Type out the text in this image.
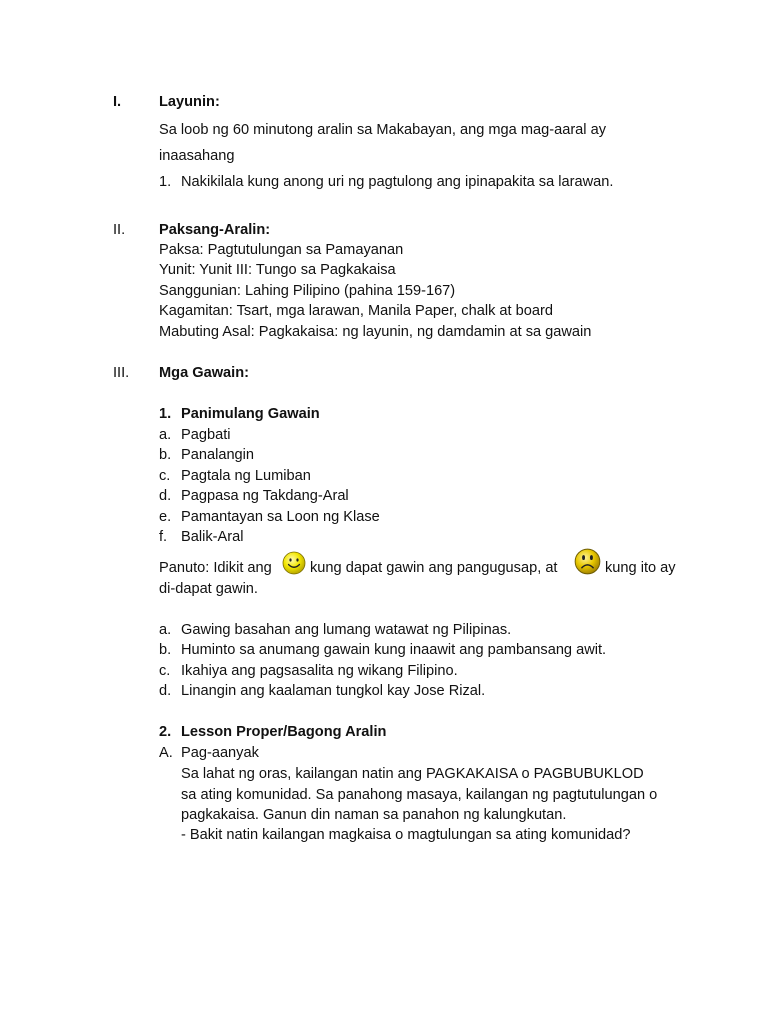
I.	Layunin:
Sa loob ng 60 minutong aralin sa Makabayan, ang mga mag-aaral ay
inaasahang
1. Nakikilala kung anong uri ng pagtulong ang ipinapakita sa larawan.
II. Paksang-Aralin:
Paksa: Pagtutulungan sa Pamayanan
Yunit: Yunit III: Tungo sa Pagkakaisa
Sanggunian: Lahing Pilipino (pahina 159-167)
Kagamitan: Tsart, mga larawan, Manila Paper, chalk at board
Mabuting Asal: Pagkakaisa: ng layunin, ng damdamin at sa gawain
III. Mga Gawain:
1. Panimulang Gawain
a. Pagbati
b. Panalangin
c. Pagtala ng Lumiban
d. Pagpasa ng Takdang-Aral
e. Pamantayan sa Loon ng Klase
f. Balik-Aral
Panuto: Idikit ang	kung dapat gawin ang pangugusap, at	kung ito ay
di-dapat gawin.
a. Gawing basahan ang lumang watawat ng Pilipinas.
b. Huminto sa anumang gawain kung inaawit ang pambansang awit.
c. Ikahiya ang pagsasalita ng wikang Filipino.
d. Linangin ang kaalaman tungkol kay Jose Rizal.
2. Lesson Proper/Bagong Aralin
A. Pag-aanyak
Sa lahat ng oras, kailangan natin ang PAGKAKAISA o PAGBUBUKLOD
sa ating komunidad. Sa panahong masaya, kailangan ng pagtutulungan o
pagkakaisa. Ganun din naman sa panahon ng kalungkutan.
- Bakit natin kailangan magkaisa o magtulungan sa ating komunidad?
